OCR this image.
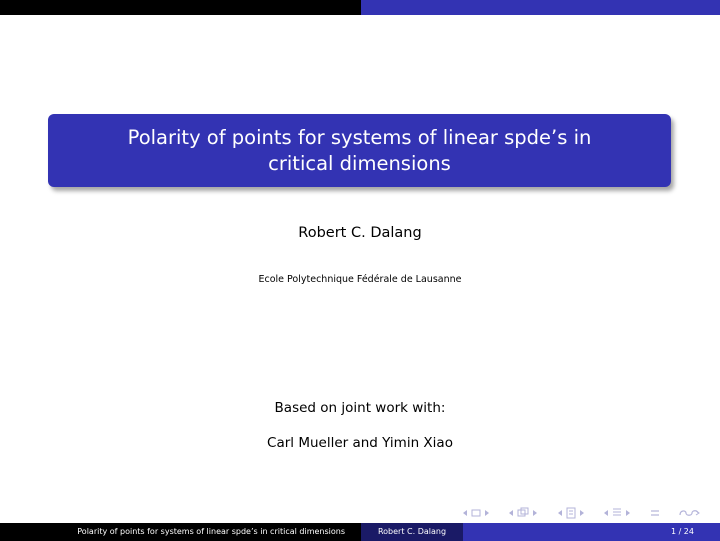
Polarity of points for systems of linear spde’s in critical dimensions
Robert C. Dalang
Ecole Polytechnique Fédérale de Lausanne
Based on joint work with:
Carl Mueller and Yimin Xiao
Polarity of points for systems of linear spde’s in critical dimensions	Robert C. Dalang	1 / 24
